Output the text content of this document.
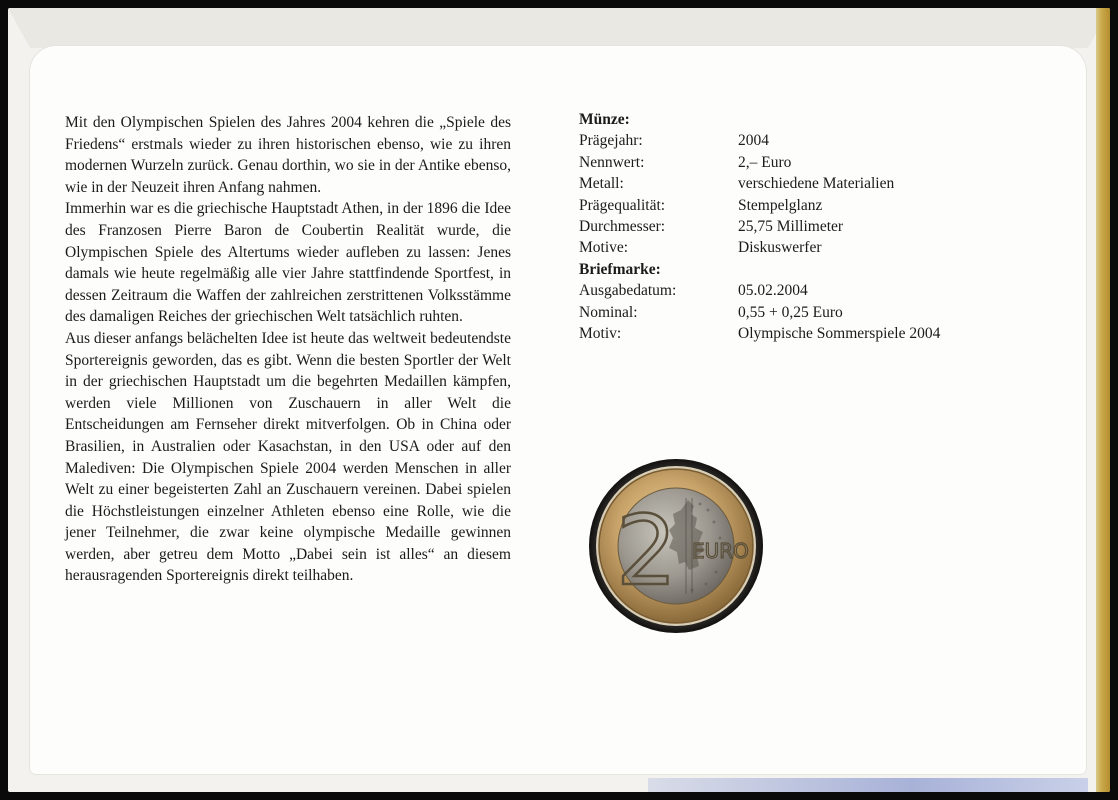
Mit den Olympischen Spielen des Jahres 2004 kehren die „Spiele des Friedens“ erstmals wieder zu ihren historischen ebenso, wie zu ihren modernen Wurzeln zurück. Genau dorthin, wo sie in der Antike ebenso, wie in der Neuzeit ihren Anfang nahmen.

Immerhin war es die griechische Hauptstadt Athen, in der 1896 die Idee des Franzosen Pierre Baron de Coubertin Realität wurde, die Olympischen Spiele des Altertums wieder aufleben zu lassen: Jenes damals wie heute regelmäßig alle vier Jahre stattfindende Sportfest, in dessen Zeitraum die Waffen der zahlreichen zerstrittenen Volksstämme des damaligen Reiches der griechischen Welt tatsächlich ruhten.

Aus dieser anfangs belächelten Idee ist heute das weltweit bedeutendste Sportereignis geworden, das es gibt. Wenn die besten Sportler der Welt in der griechischen Hauptstadt um die begehrten Medaillen kämpfen, werden viele Millionen von Zuschauern in aller Welt die Entscheidungen am Fernseher direkt mitverfolgen. Ob in China oder Brasilien, in Australien oder Kasachstan, in den USA oder auf den Malediven: Die Olympischen Spiele 2004 werden Menschen in aller Welt zu einer begeisterten Zahl an Zuschauern vereinen. Dabei spielen die Höchstleistungen einzelner Athleten ebenso eine Rolle, wie die jener Teilnehmer, die zwar keine olympische Medaille gewinnen werden, aber getreu dem Motto „Dabei sein ist alles“ an diesem herausragenden Sportereignis direkt teilhaben.

Münze:
Prägejahr:	2004
Nennwert:	2,– Euro
Metall:	verschiedene Materialien
Prägequalität:	Stempelglanz
Durchmesser:	25,75 Millimeter
Motive:	Diskuswerfer
Briefmarke:
Ausgabedatum:	05.02.2004
Nominal:	0,55 + 0,25 Euro
Motiv:	Olympische Sommerspiele 2004
2 EURO
